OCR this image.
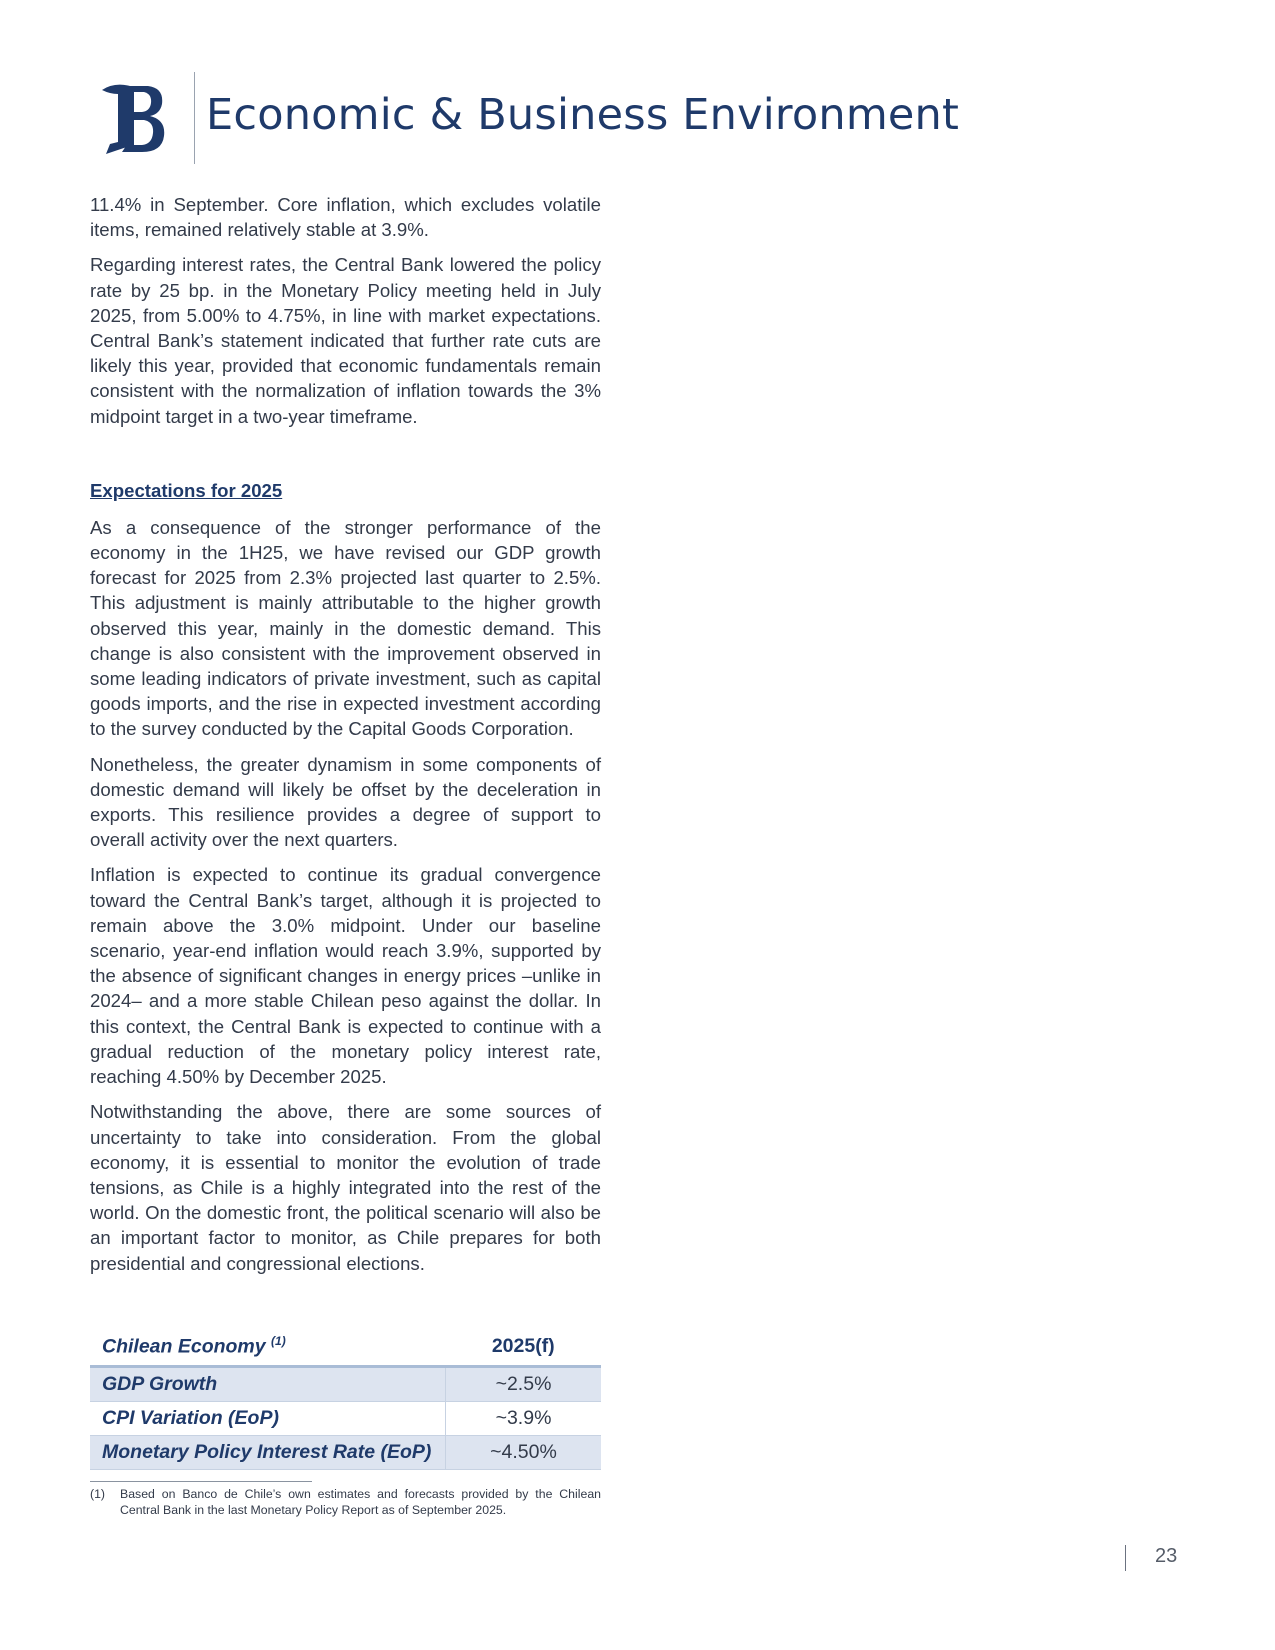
Economic & Business Environment

11.4% in September. Core inflation, which excludes volatile items, remained relatively stable at 3.9%.

Regarding interest rates, the Central Bank lowered the policy rate by 25 bp. in the Monetary Policy meeting held in July 2025, from 5.00% to 4.75%, in line with market expectations. Central Bank’s statement indicated that further rate cuts are likely this year, provided that economic fundamentals remain consistent with the normalization of inflation towards the 3% midpoint target in a two-year timeframe.

Expectations for 2025

As a consequence of the stronger performance of the economy in the 1H25, we have revised our GDP growth forecast for 2025 from 2.3% projected last quarter to 2.5%. This adjustment is mainly attributable to the higher growth observed this year, mainly in the domestic demand. This change is also consistent with the improvement observed in some leading indicators of private investment, such as capital goods imports, and the rise in expected investment according to the survey conducted by the Capital Goods Corporation.

Nonetheless, the greater dynamism in some components of domestic demand will likely be offset by the deceleration in exports. This resilience provides a degree of support to overall activity over the next quarters.

Inflation is expected to continue its gradual convergence toward the Central Bank’s target, although it is projected to remain above the 3.0% midpoint. Under our baseline scenario, year-end inflation would reach 3.9%, supported by the absence of significant changes in energy prices –unlike in 2024– and a more stable Chilean peso against the dollar. In this context, the Central Bank is expected to continue with a gradual reduction of the monetary policy interest rate, reaching 4.50% by December 2025.

Notwithstanding the above, there are some sources of uncertainty to take into consideration. From the global economy, it is essential to monitor the evolution of trade tensions, as Chile is a highly integrated into the rest of the world. On the domestic front, the political scenario will also be an important factor to monitor, as Chile prepares for both presidential and congressional elections.

Chilean Economy $^{(1)}$	2025(f)
GDP Growth	~2.5%
CPI Variation (EoP)	~3.9%
Monetary Policy Interest Rate (EoP)	~4.50%
(1) Based on Banco de Chile’s own estimates and forecasts provided by the Chilean Central Bank in the last Monetary Policy Report as of September 2025.
23
